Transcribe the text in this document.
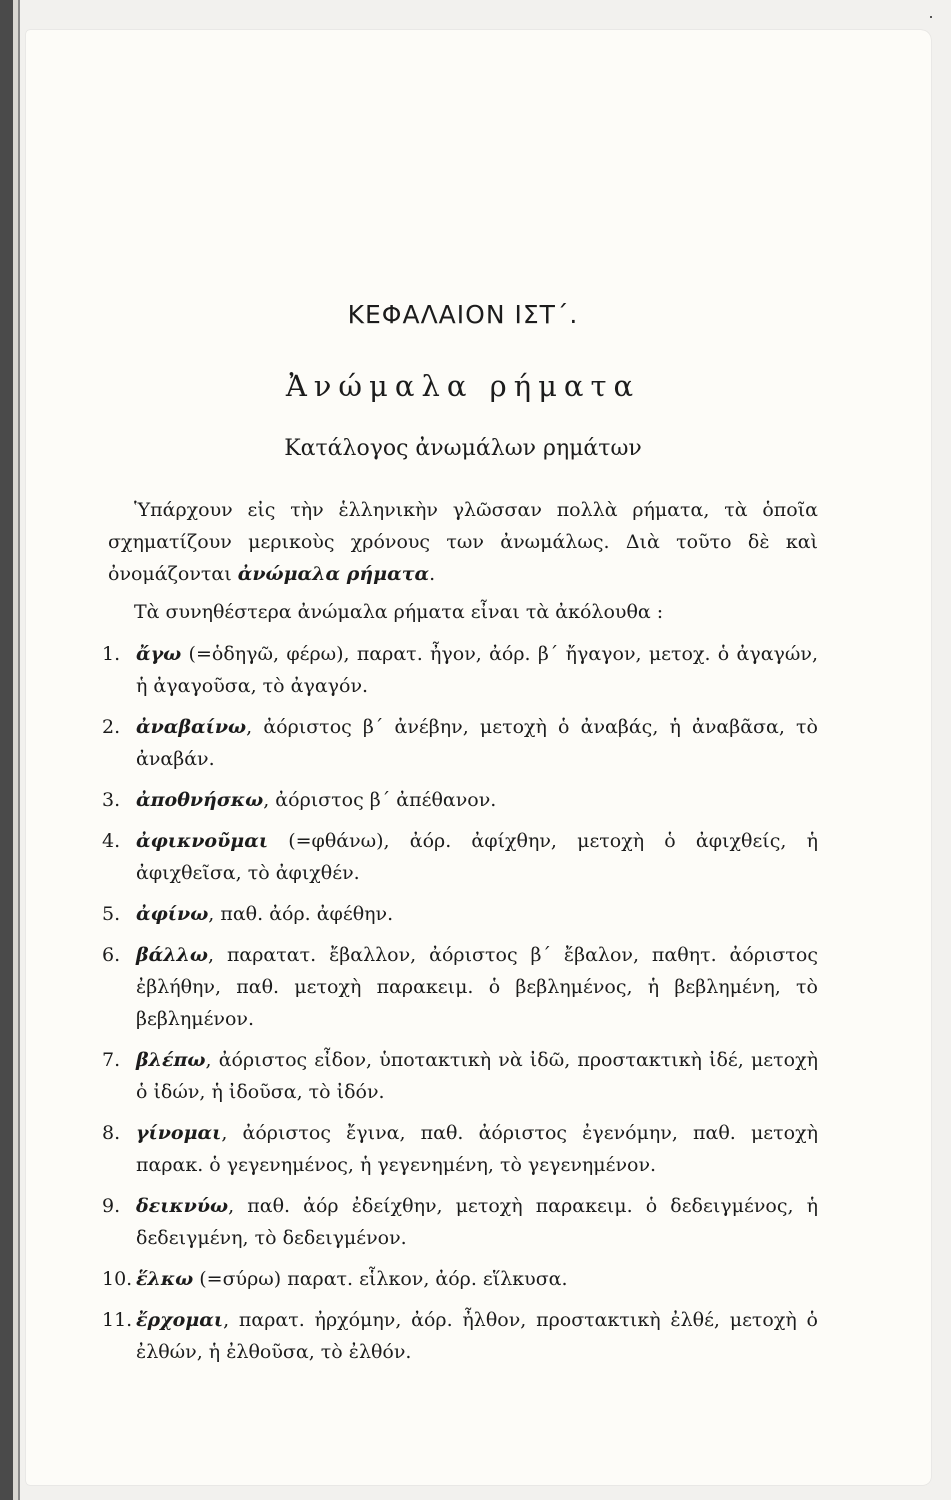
ΚΕΦΑΛΑΙΟΝ ΙΣΤ΄.
Ἀνώμαλα ρήματα
Κατάλογος ἀνωμάλων ρημάτων

Ὑπάρχουν εἰς τὴν ἑλληνικὴν γλῶσσαν πολλὰ ρήματα, τὰ ὁποῖα σχηματίζουν μερικοὺς χρόνους των ἀνωμάλως. Διὰ τοῦτο δὲ καὶ ὀνομάζονται ἀνώμαλα ρήματα.

Τὰ συνηθέστερα ἀνώμαλα ρήματα εἶναι τὰ ἀκόλουθα :

1. ἄγω (=ὁδηγῶ, φέρω), παρατ. ἦγον, ἀόρ. β΄ ἤγαγον, μετοχ. ὁ ἀγαγών, ἡ ἀγαγοῦσα, τὸ ἀγαγόν.
2. ἀναβαίνω, ἀόριστος β΄ ἀνέβην, μετοχὴ ὁ ἀναβάς, ἡ ἀναβᾶσα, τὸ ἀναβάν.
3. ἀποθνήσκω, ἀόριστος β΄ ἀπέθανον.
4. ἀφικνοῦμαι (=φθάνω), ἀόρ. ἀφίχθην, μετοχὴ ὁ ἀφιχθείς, ἡ ἀφιχθεῖσα, τὸ ἀφιχθέν.
5. ἀφίνω, παθ. ἀόρ. ἀφέθην.
6. βάλλω, παρατατ. ἔβαλλον, ἀόριστος β΄ ἔβαλον, παθητ. ἀόριστος ἐβλήθην, παθ. μετοχὴ παρακειμ. ὁ βεβλημένος, ἡ βεβλημένη, τὸ βεβλημένον.
7. βλέπω, ἀόριστος εἶδον, ὑποτακτικὴ νὰ ἰδῶ, προστακτικὴ ἰδέ, μετοχὴ ὁ ἰδών, ἡ ἰδοῦσα, τὸ ἰδόν.
8. γίνομαι, ἀόριστος ἔγινα, παθ. ἀόριστος ἐγενόμην, παθ. μετοχὴ παρακ. ὁ γεγενημένος, ἡ γεγενημένη, τὸ γεγενημένον.
9. δεικνύω, παθ. ἀόρ ἐδείχθην, μετοχὴ παρακειμ. ὁ δεδειγμένος, ἡ δεδειγμένη, τὸ δεδειγμένον.
10. ἕλκω (=σύρω) παρατ. εἷλκον, ἀόρ. εἵλκυσα.
11. ἔρχομαι, παρατ. ἠρχόμην, ἀόρ. ἦλθον, προστακτικὴ ἐλθέ, μετοχὴ ὁ ἐλθών, ἡ ἐλθοῦσα, τὸ ἐλθόν.
